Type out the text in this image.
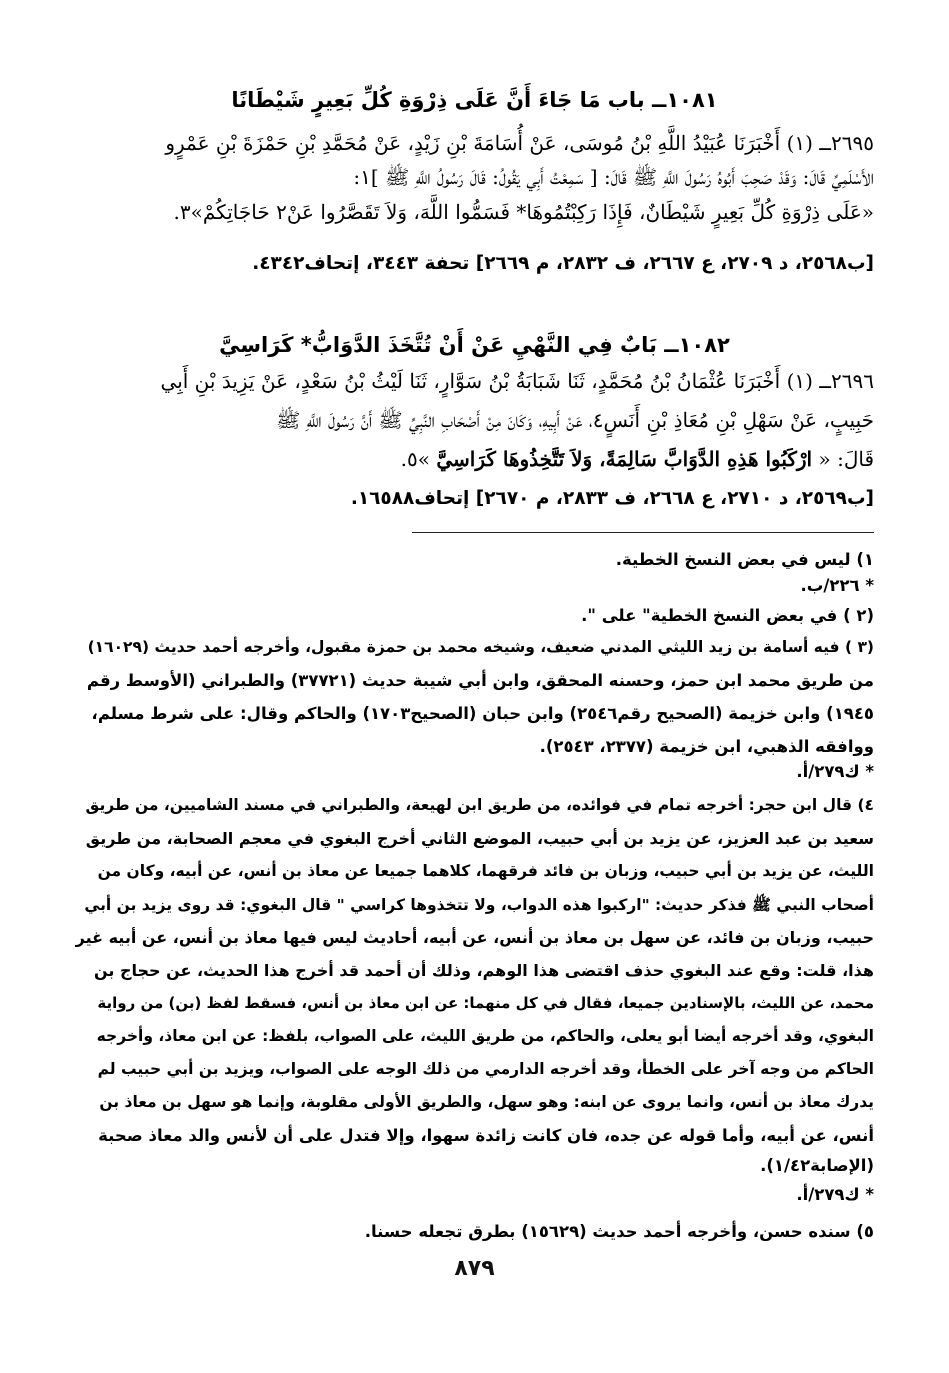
١٠٨١ــ باب مَا جَاءَ أَنَّ عَلَى ذِرْوَةِ كُلِّ بَعِيرٍ شَيْطَانًا
٢٦٩٥ــ (١) أَخْبَرَنَا عُبَيْدُ اللَّهِ بْنُ مُوسَى، عَنْ أُسَامَةَ بْنِ زَيْدٍ، عَنْ مُحَمَّدِ بْنِ حَمْزَةَ بْنِ عَمْرٍو
الأَسْلَمِيِّ قَالَ: وَقَدْ صَحِبَ أَبُوهُ رَسُولَ اللَّهِ ﷺ قَالَ: [ سَمِعْتُ أَبِي يَقُولُ: قَالَ رَسُولُ اللَّهِ ﷺ ]١:
«عَلَى ذِرْوَةِ كُلِّ بَعِيرٍ شَيْطَانٌ، فَإِذَا رَكِبْتُمُوهَا* فَسَمُّوا اللَّهَ، وَلاَ تَقَصَّرُوا عَنْ٢ حَاجَاتِكُمْ»٣.
[ب٢٥٦٨، د ٢٧٠٩، ع ٢٦٦٧، ف ٢٨٣٢، م ٢٦٦٩] تحفة ٣٤٤٣، إتحاف٤٣٤٢.
١٠٨٢ــ بَابٌ فِي النَّهْيِ عَنْ أَنْ تُتَّخَذَ الدَّوَابُّ* كَرَاسِيَّ
٢٦٩٦ــ (١) أَخْبَرَنَا عُثْمَانُ بْنُ مُحَمَّدٍ، ثَنَا شَبَابَةُ بْنُ سَوَّارٍ، ثَنَا لَيْثُ بْنُ سَعْدٍ، عَنْ يَزِيدَ بْنِ أَبِي
حَبِيبٍ، عَنْ سَهْلِ بْنِ مُعَاذِ بْنِ أَنَسٍ٤، عَنْ أَبِيهِ، وَكَانَ مِنْ أَصْحَابِ النَّبِيِّ ﷺ أَنَّ رَسُولَ اللَّهِ ﷺ
قَالَ: « ارْكَبُوا هَذِهِ الدَّوَابَّ سَالِمَةً، وَلاَ تَتَّخِذُوهَا كَرَاسِيَّ »٥.
[ب٢٥٦٩، د ٢٧١٠، ع ٢٦٦٨، ف ٢٨٣٣، م ٢٦٧٠] إتحاف١٦٥٨٨.
١) ليس في بعض النسخ الخطية.
* ٢٢٦/ب.
(٢ ) في بعض النسخ الخطية" على ".
(٣ ) فيه أسامة بن زيد الليثي المدني ضعيف، وشيخه محمد بن حمزة مقبول، وأخرجه أحمد حديث (١٦٠٢٩)
من طريق محمد ابن حمز، وحسنه المحقق، وابن أبي شيبة حديث (٣٧٧٢١) والطبراني (الأوسط رقم
١٩٤٥) وابن خزيمة (الصحيح رقم٢٥٤٦) وابن حبان (الصحيح١٧٠٣) والحاكم وقال: على شرط مسلم،
ووافقه الذهبي، ابن خزيمة (٢٣٧٧، ٢٥٤٣).
* ك٢٧٩/أ.
٤) قال ابن حجر: أخرجه تمام في فوائده، من طريق ابن لهيعة، والطبراني في مسند الشاميين، من طريق
سعيد بن عبد العزيز، عن يزيد بن أبي حبيب، الموضع الثاني أخرج البغوي في معجم الصحابة، من طريق
الليث، عن يزيد بن أبي حبيب، وزبان بن فائد فرقهما، كلاهما جميعا عن معاذ بن أنس، عن أبيه، وكان من
أصحاب النبي ﷺ فذكر حديث: "اركبوا هذه الدواب، ولا تتخذوها كراسي " قال البغوي: قد روى يزيد بن أبي
حبيب، وزبان بن فائد، عن سهل بن معاذ بن أنس، عن أبيه، أحاديث ليس فيها معاذ بن أنس، عن أبيه غير
هذا، قلت: وقع عند البغوي حذف اقتضى هذا الوهم، وذلك أن أحمد قد أخرج هذا الحديث، عن حجاج بن
محمد، عن الليث، بالإسنادين جميعا، فقال في كل منهما: عن ابن معاذ بن أنس، فسقط لفظ (بن) من رواية
البغوي، وقد أخرجه أيضا أبو يعلى، والحاكم، من طريق الليث، على الصواب، بلفظ: عن ابن معاذ، وأخرجه
الحاكم من وجه آخر على الخطأ، وقد أخرجه الدارمي من ذلك الوجه على الصواب، ويزيد بن أبي حبيب لم
يدرك معاذ بن أنس، وانما يروى عن ابنه: وهو سهل، والطريق الأولى مقلوبة، وإنما هو سهل بن معاذ بن
أنس، عن أبيه، وأما قوله عن جده، فان كانت زائدة سهوا، وإلا فتدل على أن لأنس والد معاذ صحبة
(الإصابة١/٤٢).
* ك٢٧٩/أ.
٥) سنده حسن، وأخرجه أحمد حديث (١٥٦٢٩) بطرق تجعله حسنا.
٨٧٩
